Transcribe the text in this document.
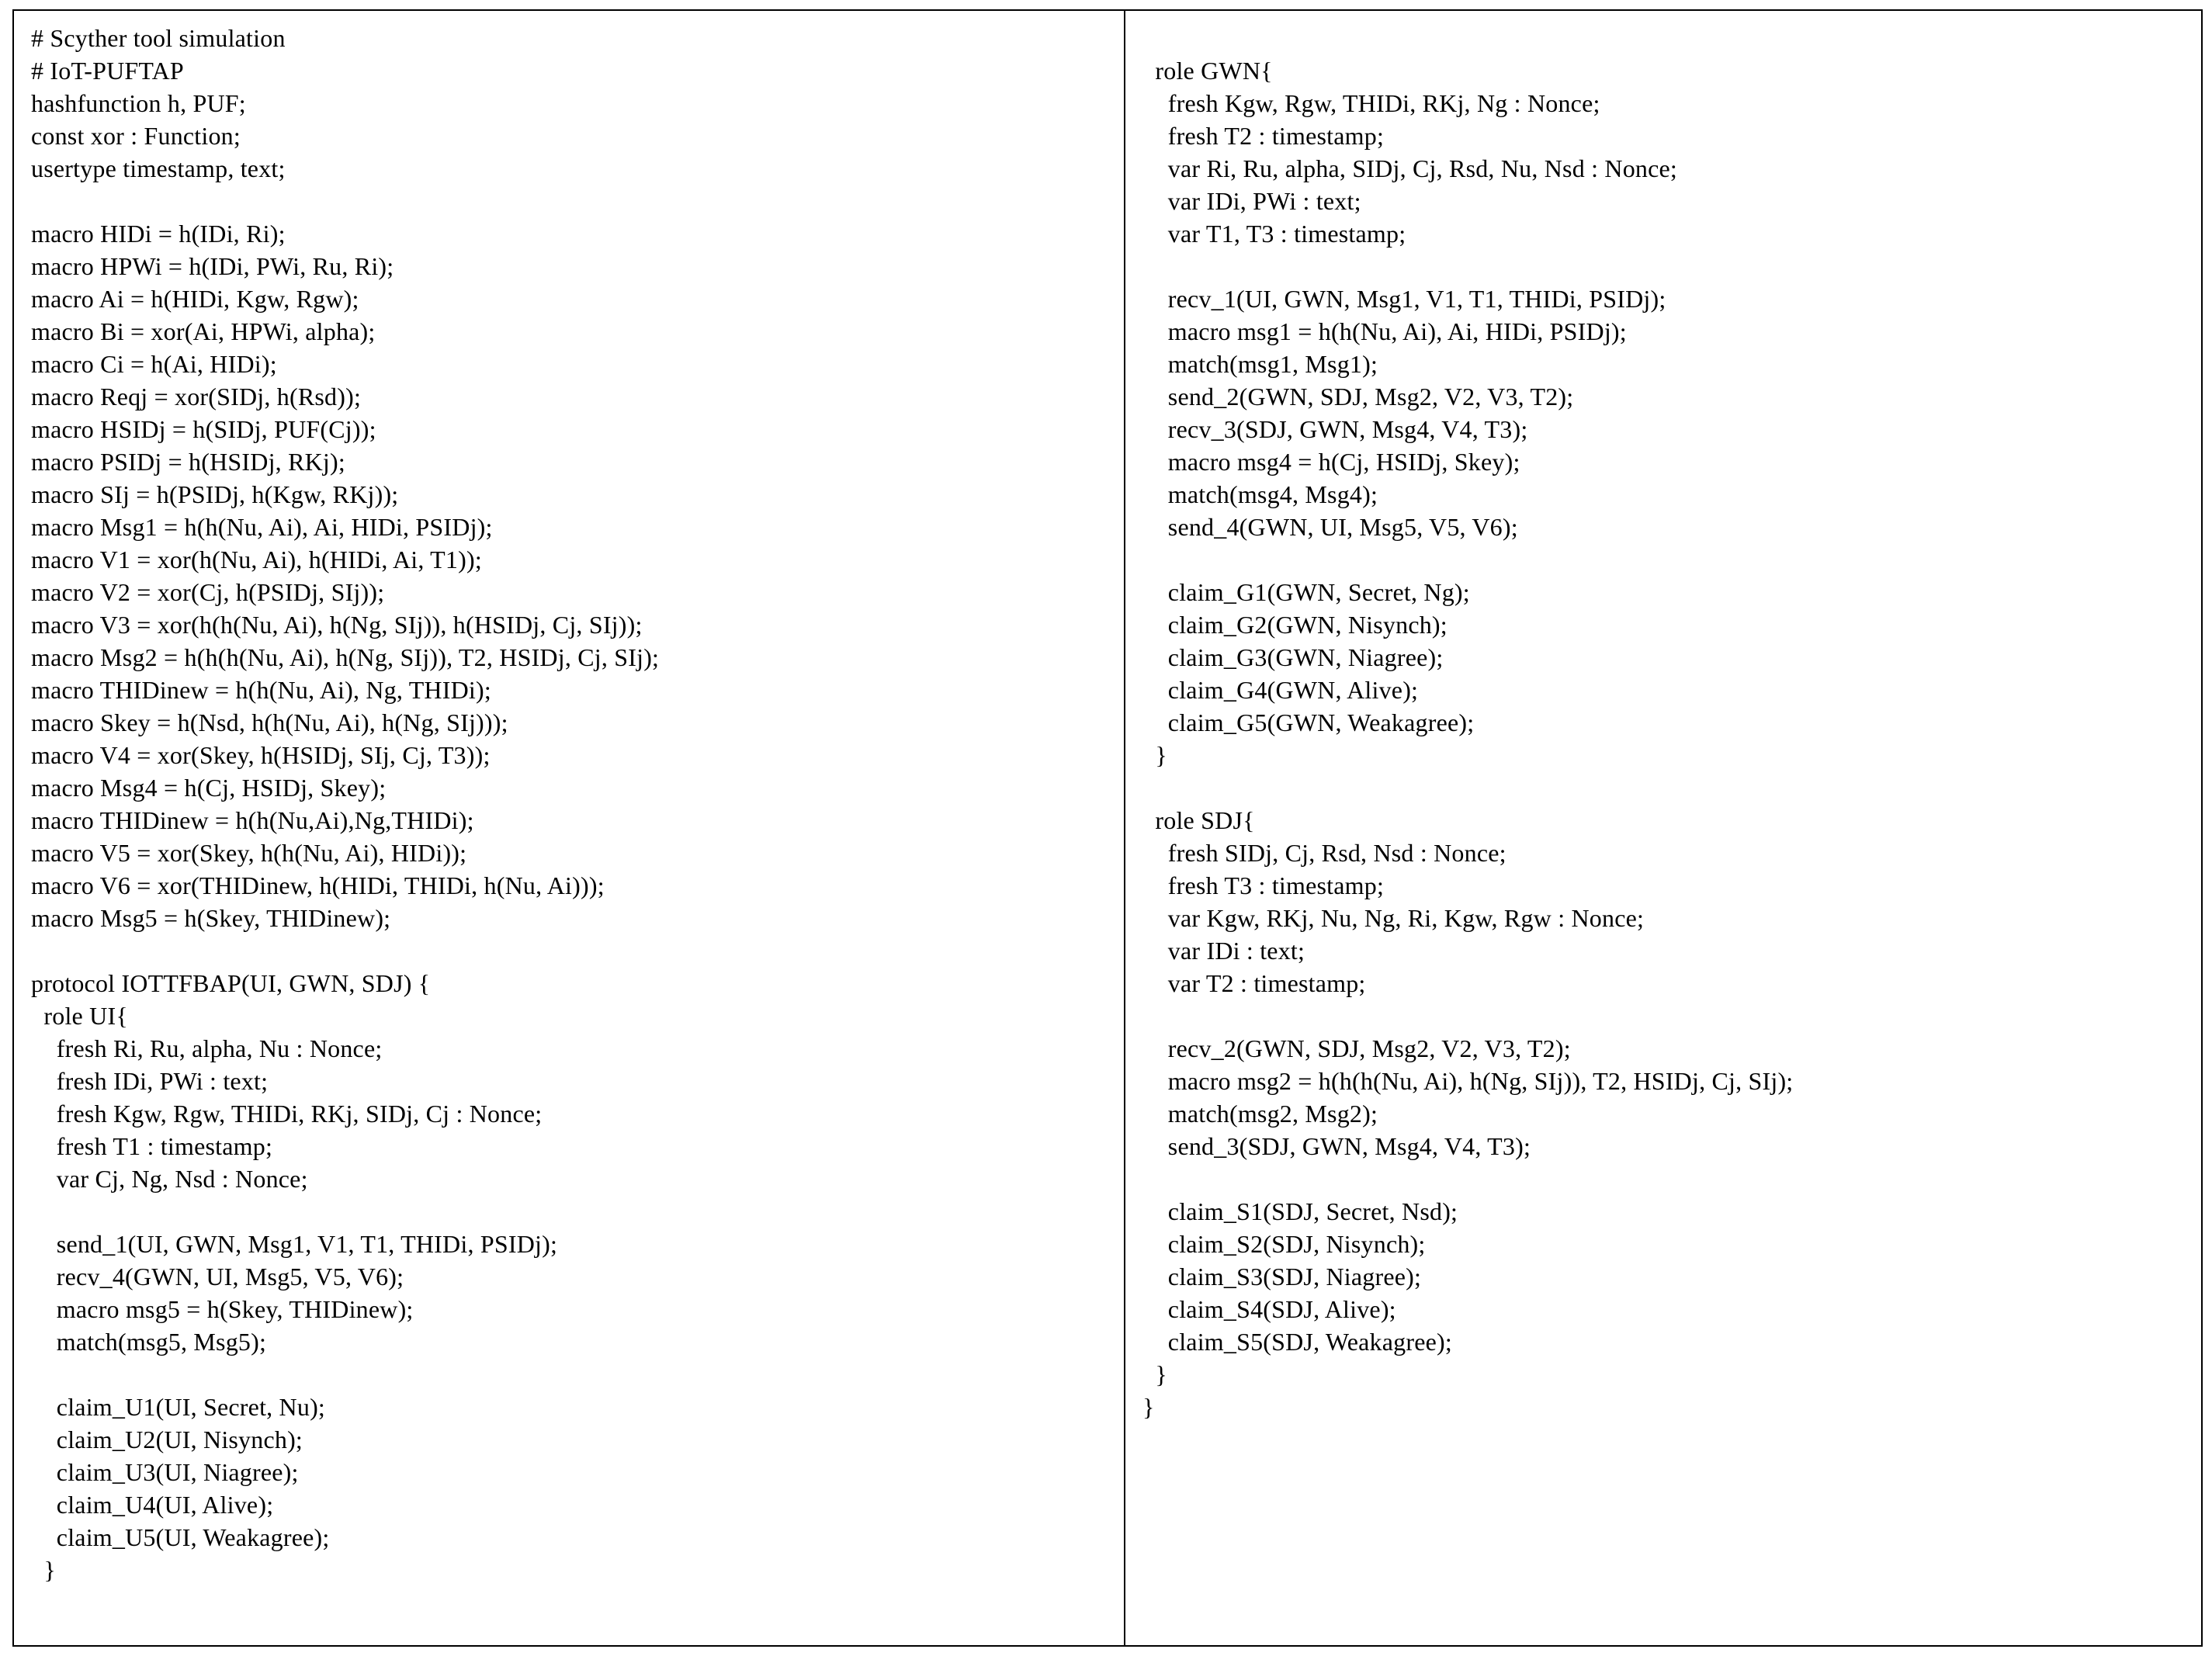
# Scyther tool simulation
# IoT-PUFTAP
hashfunction h, PUF;
const xor : Function;
usertype timestamp, text;
macro HIDi = h(IDi, Ri);
macro HPWi = h(IDi, PWi, Ru, Ri);
macro Ai = h(HIDi, Kgw, Rgw);
macro Bi = xor(Ai, HPWi, alpha);
macro Ci = h(Ai, HIDi);
macro Reqj = xor(SIDj, h(Rsd));
macro HSIDj = h(SIDj, PUF(Cj));
macro PSIDj = h(HSIDj, RKj);
macro SIj = h(PSIDj, h(Kgw, RKj));
macro Msg1 = h(h(Nu, Ai), Ai, HIDi, PSIDj);
macro V1 = xor(h(Nu, Ai), h(HIDi, Ai, T1));
macro V2 = xor(Cj, h(PSIDj, SIj));
macro V3 = xor(h(h(Nu, Ai), h(Ng, SIj)), h(HSIDj, Cj, SIj));
macro Msg2 = h(h(h(Nu, Ai), h(Ng, SIj)), T2, HSIDj, Cj, SIj);
macro THIDinew = h(h(Nu, Ai), Ng, THIDi);
macro Skey = h(Nsd, h(h(Nu, Ai), h(Ng, SIj)));
macro V4 = xor(Skey, h(HSIDj, SIj, Cj, T3));
macro Msg4 = h(Cj, HSIDj, Skey);
macro THIDinew = h(h(Nu,Ai),Ng,THIDi);
macro V5 = xor(Skey, h(h(Nu, Ai), HIDi));
macro V6 = xor(THIDinew, h(HIDi, THIDi, h(Nu, Ai)));
macro Msg5 = h(Skey, THIDinew);
protocol IOTTFBAP(UI, GWN, SDJ) {
role UI{
fresh Ri, Ru, alpha, Nu : Nonce;
fresh IDi, PWi : text;
fresh Kgw, Rgw, THIDi, RKj, SIDj, Cj : Nonce;
fresh T1 : timestamp;
var Cj, Ng, Nsd : Nonce;
send_1(UI, GWN, Msg1, V1, T1, THIDi, PSIDj);
recv_4(GWN, UI, Msg5, V5, V6);
macro msg5 = h(Skey, THIDinew);
match(msg5, Msg5);
claim_U1(UI, Secret, Nu);
claim_U2(UI, Nisynch);
claim_U3(UI, Niagree);
claim_U4(UI, Alive);
claim_U5(UI, Weakagree);
}
role GWN{
fresh Kgw, Rgw, THIDi, RKj, Ng : Nonce;
fresh T2 : timestamp;
var Ri, Ru, alpha, SIDj, Cj, Rsd, Nu, Nsd : Nonce;
var IDi, PWi : text;
var T1, T3 : timestamp;
recv_1(UI, GWN, Msg1, V1, T1, THIDi, PSIDj);
macro msg1 = h(h(Nu, Ai), Ai, HIDi, PSIDj);
match(msg1, Msg1);
send_2(GWN, SDJ, Msg2, V2, V3, T2);
recv_3(SDJ, GWN, Msg4, V4, T3);
macro msg4 = h(Cj, HSIDj, Skey);
match(msg4, Msg4);
send_4(GWN, UI, Msg5, V5, V6);
claim_G1(GWN, Secret, Ng);
claim_G2(GWN, Nisynch);
claim_G3(GWN, Niagree);
claim_G4(GWN, Alive);
claim_G5(GWN, Weakagree);
}
role SDJ{
fresh SIDj, Cj, Rsd, Nsd : Nonce;
fresh T3 : timestamp;
var Kgw, RKj, Nu, Ng, Ri, Kgw, Rgw : Nonce;
var IDi : text;
var T2 : timestamp;
recv_2(GWN, SDJ, Msg2, V2, V3, T2);
macro msg2 = h(h(h(Nu, Ai), h(Ng, SIj)), T2, HSIDj, Cj, SIj);
match(msg2, Msg2);
send_3(SDJ, GWN, Msg4, V4, T3);
claim_S1(SDJ, Secret, Nsd);
claim_S2(SDJ, Nisynch);
claim_S3(SDJ, Niagree);
claim_S4(SDJ, Alive);
claim_S5(SDJ, Weakagree);
}
}
